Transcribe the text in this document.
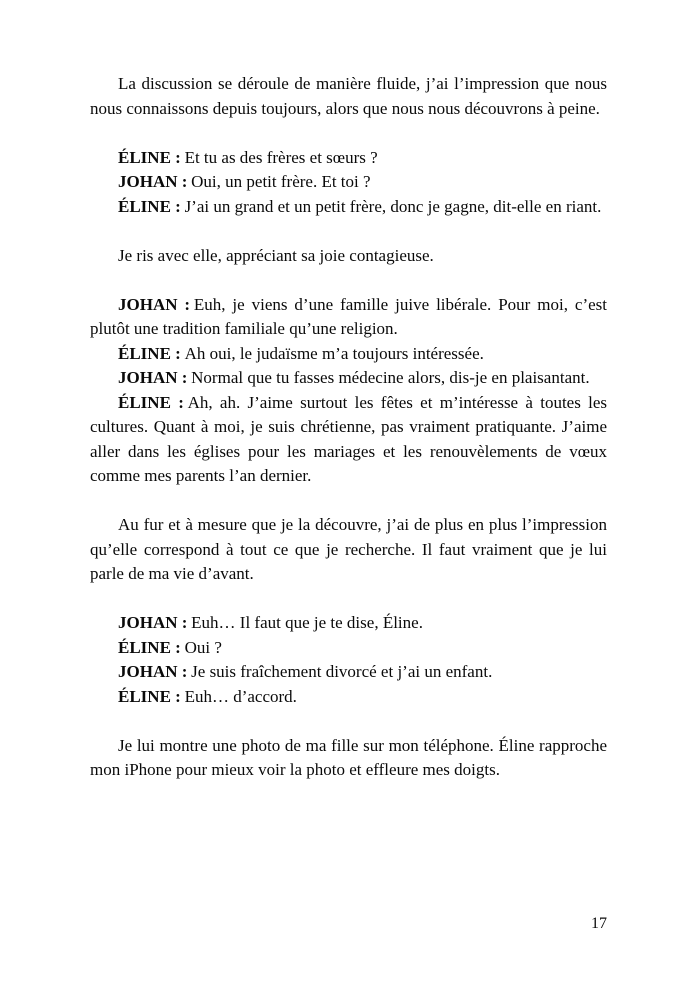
La discussion se déroule de manière fluide, j’ai l’impression que nous nous connaissons depuis toujours, alors que nous nous découvrons à peine.

ÉLINE : Et tu as des frères et sœurs ?

JOHAN : Oui, un petit frère. Et toi ?

ÉLINE : J’ai un grand et un petit frère, donc je gagne, dit-elle en riant.

Je ris avec elle, appréciant sa joie contagieuse.

JOHAN : Euh, je viens d’une famille juive libérale. Pour moi, c’est plutôt une tradition familiale qu’une religion.

ÉLINE : Ah oui, le judaïsme m’a toujours intéressée.

JOHAN : Normal que tu fasses médecine alors, dis-je en plaisantant.

ÉLINE : Ah, ah. J’aime surtout les fêtes et m’intéresse à toutes les cultures. Quant à moi, je suis chrétienne, pas vraiment pratiquante. J’aime aller dans les églises pour les mariages et les renouvèlements de vœux comme mes parents l’an dernier.

Au fur et à mesure que je la découvre, j’ai de plus en plus l’impression qu’elle correspond à tout ce que je recherche. Il faut vraiment que je lui parle de ma vie d’avant.

JOHAN : Euh… Il faut que je te dise, Éline.

ÉLINE : Oui ?

JOHAN : Je suis fraîchement divorcé et j’ai un enfant.

ÉLINE : Euh… d’accord.

Je lui montre une photo de ma fille sur mon téléphone. Éline rapproche mon iPhone pour mieux voir la photo et effleure mes doigts.

17
